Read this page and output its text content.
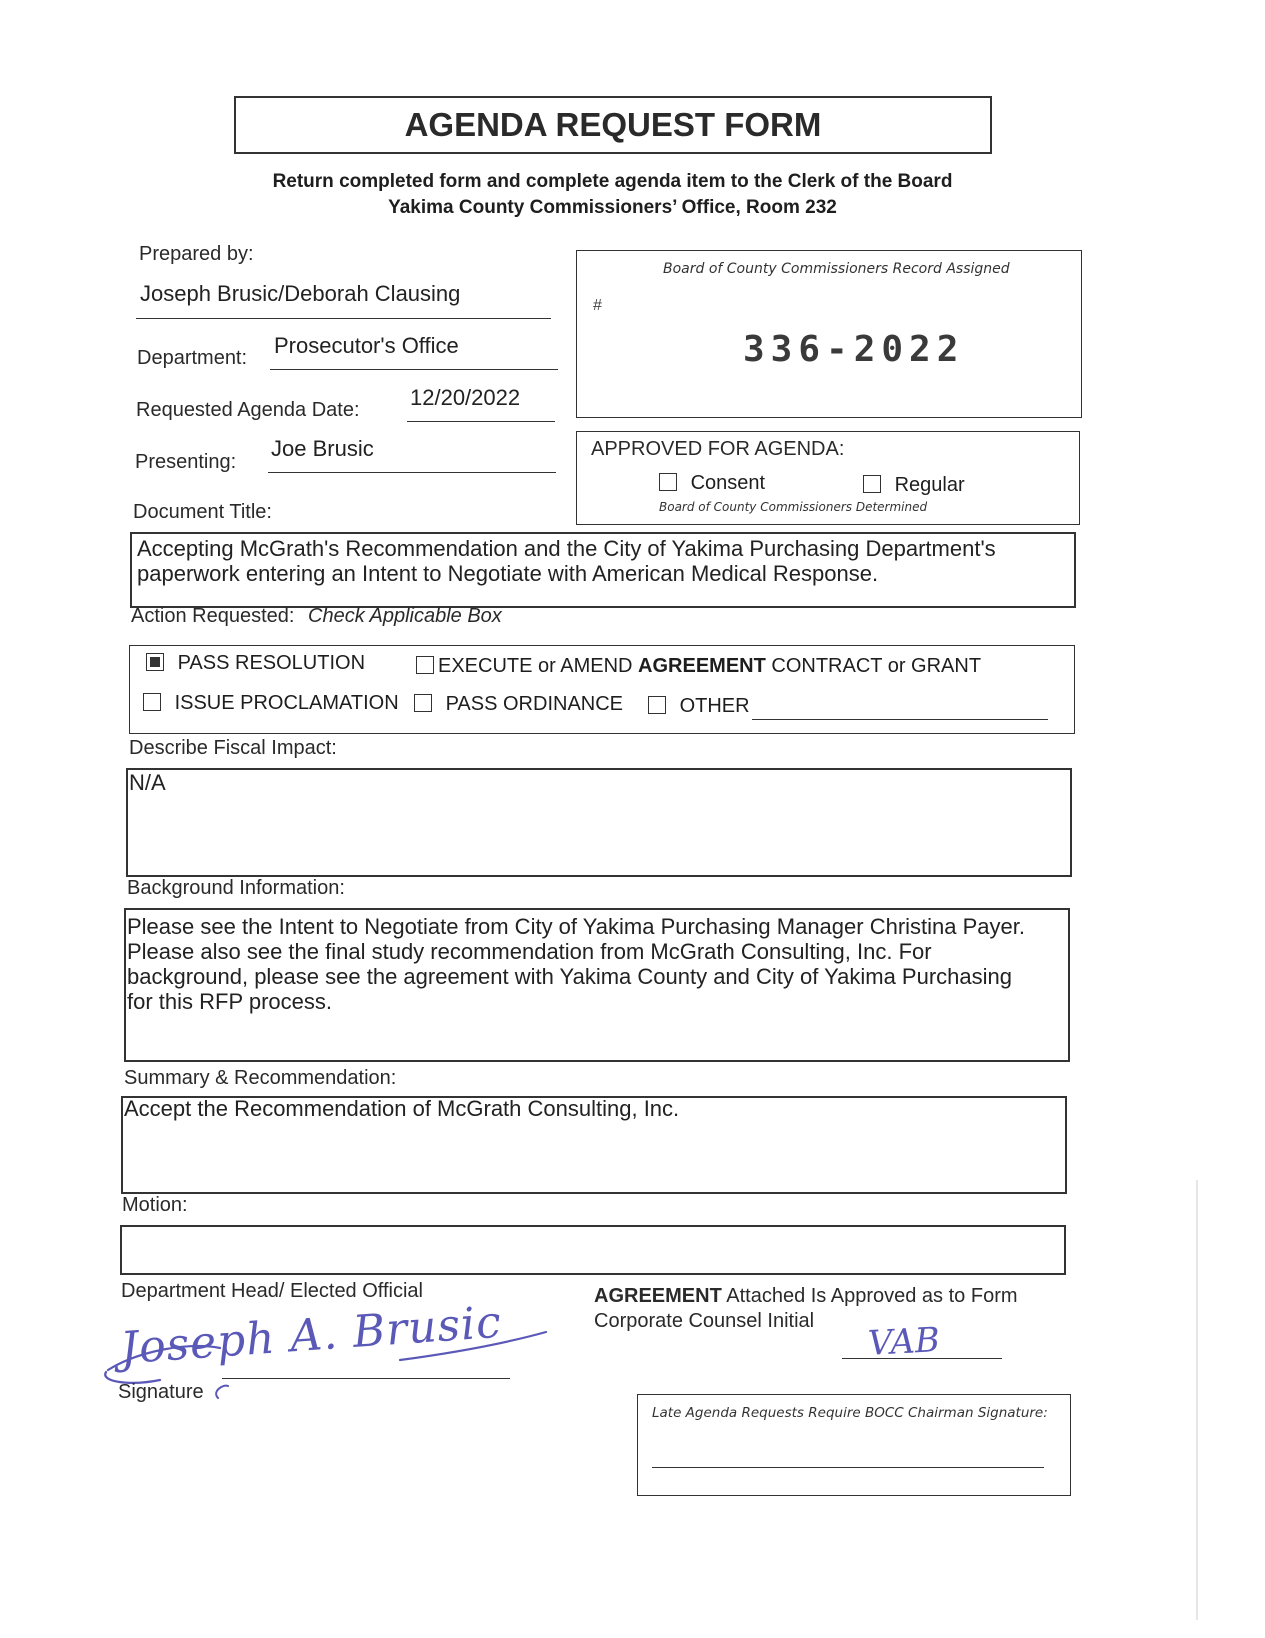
AGENDA REQUEST FORM
Return completed form and complete agenda item to the Clerk of the Board
Yakima County Commissioners’ Office, Room 232
Prepared by:
Joseph Brusic/Deborah Clausing
Department: Prosecutor's Office
Requested Agenda Date: 12/20/2022
Presenting:
Joe Brusic
Board of County Commissioners Record Assigned
#
336-2022
APPROVED FOR AGENDA:
Consent	Regular
Board of County Commissioners Determined
Document Title:
Accepting McGrath's Recommendation and the City of Yakima Purchasing Department's
paperwork entering an Intent to Negotiate with American Medical Response.
Action Requested: Check Applicable Box
PASS RESOLUTION	EXECUTE or AMEND AGREEMENT CONTRACT or GRANT
ISSUE PROCLAMATION	PASS ORDINANCE	OTHER
Describe Fiscal Impact:
N/A
Background Information:
Please see the Intent to Negotiate from City of Yakima Purchasing Manager Christina Payer.
Please also see the final study recommendation from McGrath Consulting, Inc. For
background, please see the agreement with Yakima County and City of Yakima Purchasing
for this RFP process.
Summary & Recommendation:
Accept the Recommendation of McGrath Consulting, Inc.
Motion:
Department Head/ Elected Official
Joseph A. Brusic
Signature
AGREEMENT Attached Is Approved as to Form
Corporate Counsel Initial VAB
Late Agenda Requests Require BOCC Chairman Signature:
